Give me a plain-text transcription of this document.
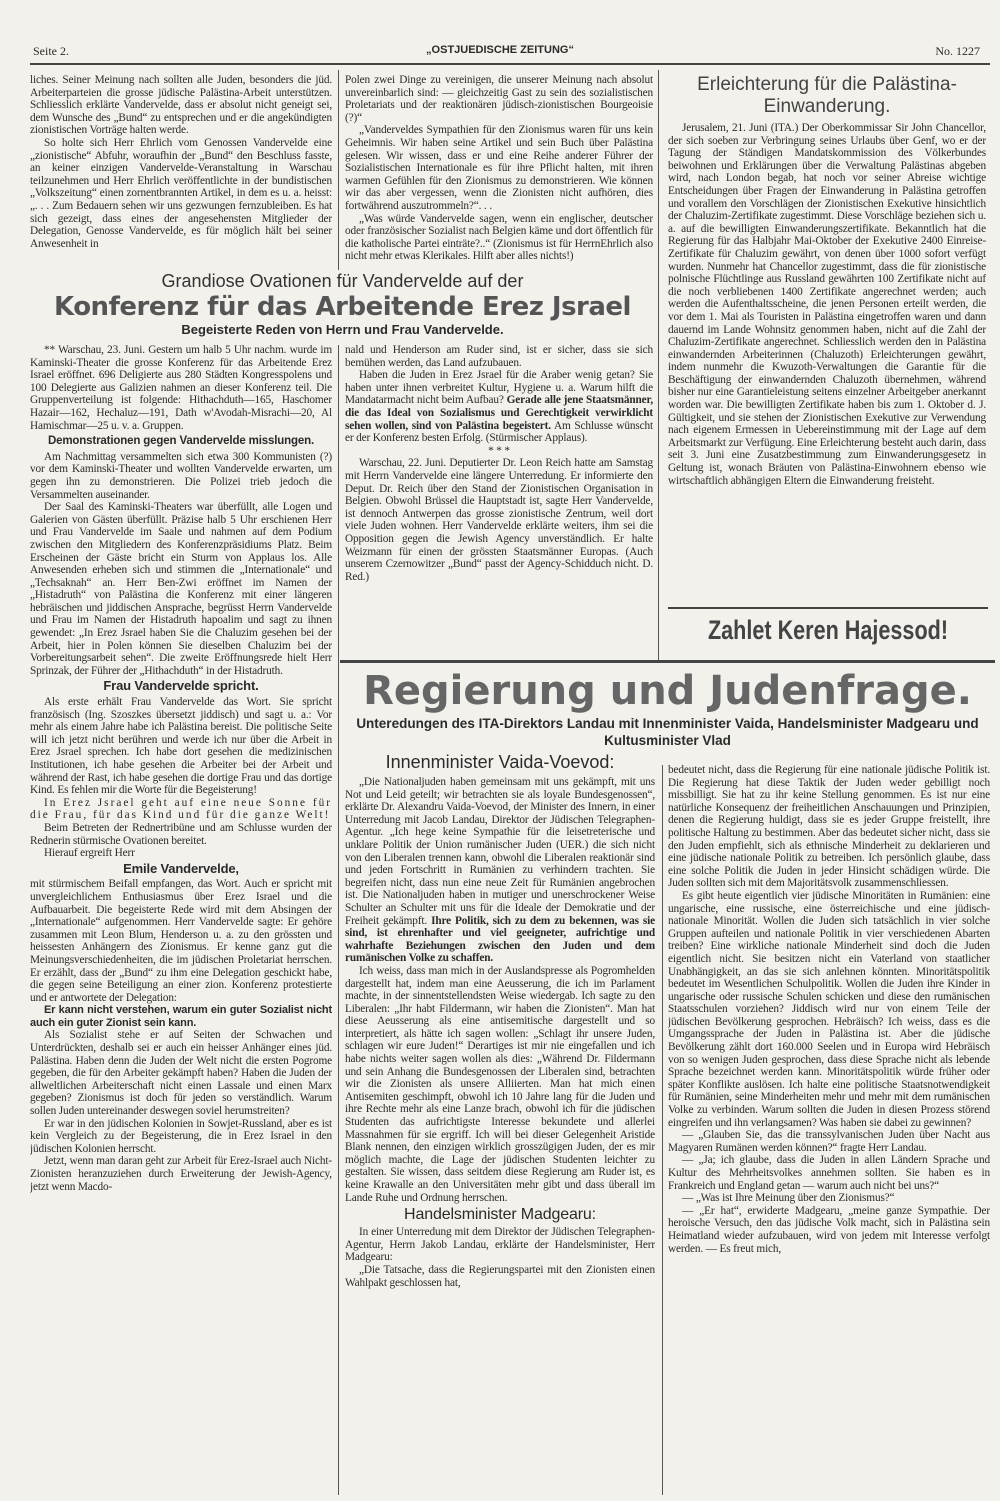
Seite 2.	„OSTJUEDISCHE ZEITUNG“	No. 1227

liches. Seiner Meinung nach sollten alle Juden, besonders die jüd. Arbeiterparteien die grosse jüdische Palästina-Arbeit unterstützen. Schliesslich erklärte Vandervelde, dass er absolut nicht geneigt sei, dem Wunsche des „Bund“ zu entsprechen und er die angekündigten zionistischen Vorträge halten werde.

So holte sich Herr Ehrlich vom Genossen Vandervelde eine „zionistische“ Abfuhr, woraufhin der „Bund“ den Beschluss fasste, an keiner einzigen Vandervelde-Veranstaltung in Warschau teilzunehmen und Herr Ehrlich veröffentlichte in der bundistischen „Volkszeitung“ einen zornentbrannten Artikel, in dem es u. a. heisst: „. . . Zum Bedauern sehen wir uns gezwungen fernzubleiben. Es hat sich gezeigt, dass eines der angesehensten Mitglieder der Delegation, Genosse Vandervelde, es für möglich hält bei seiner Anwesenheit in

Polen zwei Dinge zu vereinigen, die unserer Meinung nach absolut unvereinbarlich sind: — gleichzeitig Gast zu sein des sozialistischen Proletariats und der reaktionären jüdisch-zionistischen Bourgeoisie (?)“

„Vanderveldes Sympathien für den Zionismus waren für uns kein Geheimnis. Wir haben seine Artikel und sein Buch über Palästina gelesen. Wir wissen, dass er und eine Reihe anderer Führer der Sozialistischen Internationale es für ihre Pflicht halten, mit ihren warmen Gefühlen für den Zionismus zu demonstrieren. Wie können wir das aber vergessen, wenn die Zionisten nicht aufhören, dies fortwährend auszutrommeln?“. . .

„Was würde Vandervelde sagen, wenn ein englischer, deutscher oder französischer Sozialist nach Belgien käme und dort öffentlich für die katholische Partei einträte?..“ (Zionismus ist für HerrnEhrlich also nicht mehr etwas Klerikales. Hilft aber alles nichts!)

Grandiose Ovationen für Vandervelde auf der
Konferenz für das Arbeitende Erez Jsrael
Begeisterte Reden von Herrn und Frau Vandervelde.

** Warschau, 23. Juni. Gestern um halb 5 Uhr nachm. wurde im Kaminski-Theater die grosse Konferenz für das Arbeitende Erez Israel eröffnet. 696 Deligierte aus 280 Städten Kongresspolens und 100 Delegierte aus Galizien nahmen an dieser Konferenz teil. Die Gruppenverteilung ist folgende: Hithachduth—165, Haschomer Hazair—162, Hechaluz—191, Dath w'Avodah-Misrachi—20, Al Hamischmar—25 u. v. a. Gruppen.

Demonstrationen gegen Vandervelde misslungen.

Am Nachmittag versammelten sich etwa 300 Kommunisten (?) vor dem Kaminski-Theater und wollten Vandervelde erwarten, um gegen ihn zu demonstrieren. Die Polizei trieb jedoch die Versammelten auseinander.

Der Saal des Kaminski-Theaters war überfüllt, alle Logen und Galerien von Gästen überfüllt. Präzise halb 5 Uhr erschienen Herr und Frau Vandervelde im Saale und nahmen auf dem Podium zwischen den Mitgliedern des Konferenzpräsidiums Platz. Beim Erscheinen der Gäste bricht ein Sturm von Applaus los. Alle Anwesenden erheben sich und stimmen die „Internationale“ und „Techsaknah“ an. Herr Ben-Zwi eröffnet im Namen der „Histadruth“ von Palästina die Konferenz mit einer längeren hebräischen und jiddischen Ansprache, begrüsst Herrn Vandervelde und Frau im Namen der Histadruth hapoalim und sagt zu ihnen gewendet: „In Erez Jsrael haben Sie die Chaluzim gesehen bei der Arbeit, hier in Polen können Sie dieselben Chaluzim bei der Vorbereitungsarbeit sehen“. Die zweite Eröffnungsrede hielt Herr Sprinzak, der Führer der „Hithachduth“ in der Histadruth.

Frau Vandervelde spricht.

Als erste erhält Frau Vandervelde das Wort. Sie spricht französisch (Ing. Szoszkes übersetzt jiddisch) und sagt u. a.: Vor mehr als einem Jahre habe ich Palästina bereist. Die politische Seite will ich jetzt nicht berühren und werde ich nur über die Arbeit in Erez Jsrael sprechen. Ich habe dort gesehen die medizinischen Institutionen, ich habe gesehen die Arbeiter bei der Arbeit und während der Rast, ich habe gesehen die dortige Frau und das dortige Kind. Es fehlen mir die Worte für die Begeisterung!

In Erez Jsrael geht auf eine neue Sonne für die Frau, für das Kind und für die ganze Welt!

Beim Betreten der Rednertribüne und am Schlusse wurden der Rednerin stürmische Ovationen bereitet.

Hierauf ergreift Herr

Emile Vandervelde,

mit stürmischem Beifall empfangen, das Wort. Auch er spricht mit unvergleichlichem Enthusiasmus über Erez Israel und die Aufbauarbeit. Die begeisterte Rede wird mit dem Absingen der „Internationale“ aufgenommen. Herr Vandervelde sagte: Er gehöre zusammen mit Leon Blum, Henderson u. a. zu den grössten und heissesten Anhängern des Zionismus. Er kenne ganz gut die Meinungsverschiedenheiten, die im jüdischen Proletariat herrschen. Er erzählt, dass der „Bund“ zu ihm eine Delegation geschickt habe, die gegen seine Beteiligung an einer zion. Konferenz protestierte und er antwortete der Delegation:

Er kann nicht verstehen, warum ein guter Sozialist nicht auch ein guter Zionist sein kann.

Als Sozialist stehe er auf Seiten der Schwachen und Unterdrückten, deshalb sei er auch ein heisser Anhänger eines jüd. Palästina. Haben denn die Juden der Welt nicht die ersten Pogrome gegeben, die für den Arbeiter gekämpft haben? Haben die Juden der allweltlichen Arbeiterschaft nicht einen Lassale und einen Marx gegeben? Zionismus ist doch für jeden so verständlich. Warum sollen Juden untereinander deswegen soviel herumstreiten?

Er war in den jüdischen Kolonien in Sowjet-Russland, aber es ist kein Vergleich zu der Begeisterung, die in Erez Israel in den jüdischen Kolonien herrscht.

Jetzt, wenn man daran geht zur Arbeit für Erez-Israel auch Nicht-Zionisten heranzuziehen durch Erweiterung der Jewish-Agency, jetzt wenn Macdo-

nald und Henderson am Ruder sind, ist er sicher, dass sie sich bemühen werden, das Land aufzubauen.

Haben die Juden in Erez Jsrael für die Araber wenig getan? Sie haben unter ihnen verbreitet Kultur, Hygiene u. a. Warum hilft die Mandatarmacht nicht beim Aufbau? Gerade alle jene Staatsmänner, die das Ideal von Sozialismus und Gerechtigkeit verwirklicht sehen wollen, sind von Palästina begeistert. Am Schlusse wünscht er der Konferenz besten Erfolg. (Stürmischer Applaus).

* * *

Warschau, 22. Juni. Deputierter Dr. Leon Reich hatte am Samstag mit Herrn Vandervelde eine längere Unterredung. Er informierte den Deput. Dr. Reich über den Stand der Zionistischen Organisation in Belgien. Obwohl Brüssel die Hauptstadt ist, sagte Herr Vandervelde, ist dennoch Antwerpen das grosse zionistische Zentrum, weil dort viele Juden wohnen. Herr Vandervelde erklärte weiters, ihm sei die Opposition gegen die Jewish Agency unverständlich. Er halte Weizmann für einen der grössten Staatsmänner Europas. (Auch unserem Czernowitzer „Bund“ passt der Agency-Schidduch nicht. D. Red.)

Erleichterung für die Palästina-Einwanderung.

Jerusalem, 21. Juni (ITA.) Der Oberkommissar Sir John Chancellor, der sich soeben zur Verbringung seines Urlaubs über Genf, wo er der Tagung der Ständigen Mandatskommission des Völkerbundes beiwohnen und Erklärungen über die Verwaltung Palästinas abgeben wird, nach London begab, hat noch vor seiner Abreise wichtige Entscheidungen über Fragen der Einwanderung in Palästina getroffen und vorallem den Vorschlägen der Zionistischen Exekutive hinsichtlich der Chaluzim-Zertifikate zugestimmt. Diese Vorschläge beziehen sich u. a. auf die bewilligten Einwanderungszertifikate. Bekanntlich hat die Regierung für das Halbjahr Mai-Oktober der Exekutive 2400 Einreise-Zertifikate für Chaluzim gewährt, von denen über 1000 sofort verfügt wurden. Nunmehr hat Chancellor zugestimmt, dass die für zionistische polnische Flüchtlinge aus Russland gewährten 100 Zertifikate nicht auf die noch verbliebenen 1400 Zertifikate angerechnet werden; auch werden die Aufenthaltsscheine, die jenen Personen erteilt werden, die vor dem 1. Mai als Touristen in Palästina eingetroffen waren und dann dauernd im Lande Wohnsitz genommen haben, nicht auf die Zahl der Chaluzim-Zertifikate angerechnet. Schliesslich werden den in Palästina einwandernden Arbeiterinnen (Chaluzoth) Erleichterungen gewährt, indem nunmehr die Kwuzoth-Verwaltungen die Garantie für die Beschäftigung der einwandernden Chaluzoth übernehmen, während bisher nur eine Garantieleistung seitens einzelner Arbeitgeber anerkannt worden war. Die bewilligten Zertifikate haben bis zum 1. Oktober d. J. Gültigkeit, und sie stehen der Zionistischen Exekutive zur Verwendung nach eigenem Ermessen in Uebereinstimmung mit der Lage auf dem Arbeitsmarkt zur Verfügung. Eine Erleichterung besteht auch darin, dass seit 3. Juni eine Zusatzbestimmung zum Einwanderungsgesetz in Geltung ist, wonach Bräuten von Palästina-Einwohnern ebenso wie wirtschaftlich abhängigen Eltern die Einwanderung freisteht.

Zahlet Keren Hajessod!
Regierung und Judenfrage.
Unteredungen des ITA-Direktors Landau mit Innenminister Vaida, Handelsminister Madgearu und Kultusminister Vlad
Innenminister Vaida-Voevod:

„Die Nationaljuden haben gemeinsam mit uns gekämpft, mit uns Not und Leid geteilt; wir betrachten sie als loyale Bundesgenossen“, erklärte Dr. Alexandru Vaida-Voevod, der Minister des Innern, in einer Unterredung mit Jacob Landau, Direktor der Jüdischen Telegraphen-Agentur. „Ich hege keine Sympathie für die leisetreterische und unklare Politik der Union rumänischer Juden (UER.) die sich nicht von den Liberalen trennen kann, obwohl die Liberalen reaktionär sind und jeden Fortschritt in Rumänien zu verhindern trachten. Sie begreifen nicht, dass nun eine neue Zeit für Rumänien angebrochen ist. Die Nationaljuden haben in mutiger und unerschrockener Weise Schulter an Schulter mit uns für die Ideale der Demokratie und der Freiheit gekämpft. Ihre Politik, sich zu dem zu bekennen, was sie sind, ist ehrenhafter und viel geeigneter, aufrichtige und wahrhafte Beziehungen zwischen den Juden und dem rumänischen Volke zu schaffen.

Ich weiss, dass man mich in der Auslandspresse als Pogromhelden dargestellt hat, indem man eine Aeusserung, die ich im Parlament machte, in der sinnentstellendsten Weise wiedergab. Ich sagte zu den Liberalen: „Ihr habt Fildermann, wir haben die Zionisten“. Man hat diese Aeusserung als eine antisemitische dargestellt und so interpretiert, als hätte ich sagen wollen: „Schlagt ihr unsere Juden, schlagen wir eure Juden!“ Derartiges ist mir nie eingefallen und ich habe nichts weiter sagen wollen als dies: „Während Dr. Fildermann und sein Anhang die Bundesgenossen der Liberalen sind, betrachten wir die Zionisten als unsere Alliierten. Man hat mich einen Antisemiten geschimpft, obwohl ich 10 Jahre lang für die Juden und ihre Rechte mehr als eine Lanze brach, obwohl ich für die jüdischen Studenten das aufrichtigste Interesse bekundete und allerlei Massnahmen für sie ergriff. Ich will bei dieser Gelegenheit Aristide Blank nennen, den einzigen wirklich grosszügigen Juden, der es mir möglich machte, die Lage der jüdischen Studenten leichter zu gestalten. Sie wissen, dass seitdem diese Regierung am Ruder ist, es keine Krawalle an den Universitäten mehr gibt und dass überall im Lande Ruhe und Ordnung herrschen.

Handelsminister Madgearu:

In einer Unterredung mit dem Direktor der Jüdischen Telegraphen-Agentur, Herrn Jakob Landau, erklärte der Handelsminister, Herr Madgearu:

„Die Tatsache, dass die Regierungspartei mit den Zionisten einen Wahlpakt geschlossen hat,

bedeutet nicht, dass die Regierung für eine nationale jüdische Politik ist. Die Regierung hat diese Taktik der Juden weder gebilligt noch missbilligt. Sie hat zu ihr keine Stellung genommen. Es ist nur eine natürliche Konsequenz der freiheitlichen Anschauungen und Prinzipien, denen die Regierung huldigt, dass sie es jeder Gruppe freistellt, ihre politische Haltung zu bestimmen. Aber das bedeutet sicher nicht, dass sie den Juden empfiehlt, sich als ethnische Minderheit zu deklarieren und eine jüdische nationale Politik zu betreiben. Ich persönlich glaube, dass eine solche Politik die Juden in jeder Hinsicht schädigen würde. Die Juden sollten sich mit dem Majoritätsvolk zusammenschliessen.

Es gibt heute eigentlich vier jüdische Minoritäten in Rumänien: eine ungarische, eine russische, eine österreichische und eine jüdisch-nationale Minorität. Wollen die Juden sich tatsächlich in vier solche Gruppen aufteilen und nationale Politik in vier verschiedenen Abarten treiben? Eine wirkliche nationale Minderheit sind doch die Juden eigentlich nicht. Sie besitzen nicht ein Vaterland von staatlicher Unabhängigkeit, an das sie sich anlehnen könnten. Minoritätspolitik bedeutet im Wesentlichen Schulpolitik. Wollen die Juden ihre Kinder in ungarische oder russische Schulen schicken und diese den rumänischen Staatsschulen vorziehen? Jiddisch wird nur von einem Teile der jüdischen Bevölkerung gesprochen. Hebräisch? Ich weiss, dass es die Umgangssprache der Juden in Palästina ist. Aber die jüdische Bevölkerung zählt dort 160.000 Seelen und in Europa wird Hebräisch von so wenigen Juden gesprochen, dass diese Sprache nicht als lebende Sprache bezeichnet werden kann. Minoritätspolitik würde früher oder später Konflikte auslösen. Ich halte eine politische Staatsnotwendigkeit für Rumänien, seine Minderheiten mehr und mehr mit dem rumänischen Volke zu verbinden. Warum sollten die Juden in diesen Prozess störend eingreifen und ihn verlangsamen? Was haben sie dabei zu gewinnen?

— „Glauben Sie, das die transsylvanischen Juden über Nacht aus Magyaren Rumänen werden können?“ fragte Herr Landau.

— „Ja; ich glaube, dass die Juden in allen Ländern Sprache und Kultur des Mehrheitsvolkes annehmen sollten. Sie haben es in Frankreich und England getan — warum auch nicht bei uns?“

— „Was ist Ihre Meinung über den Zionismus?“

— „Er hat“, erwiderte Madgearu, „meine ganze Sympathie. Der heroische Versuch, den das jüdische Volk macht, sich in Palästina sein Heimatland wieder aufzubauen, wird von jedem mit Interesse verfolgt werden. — Es freut mich,
